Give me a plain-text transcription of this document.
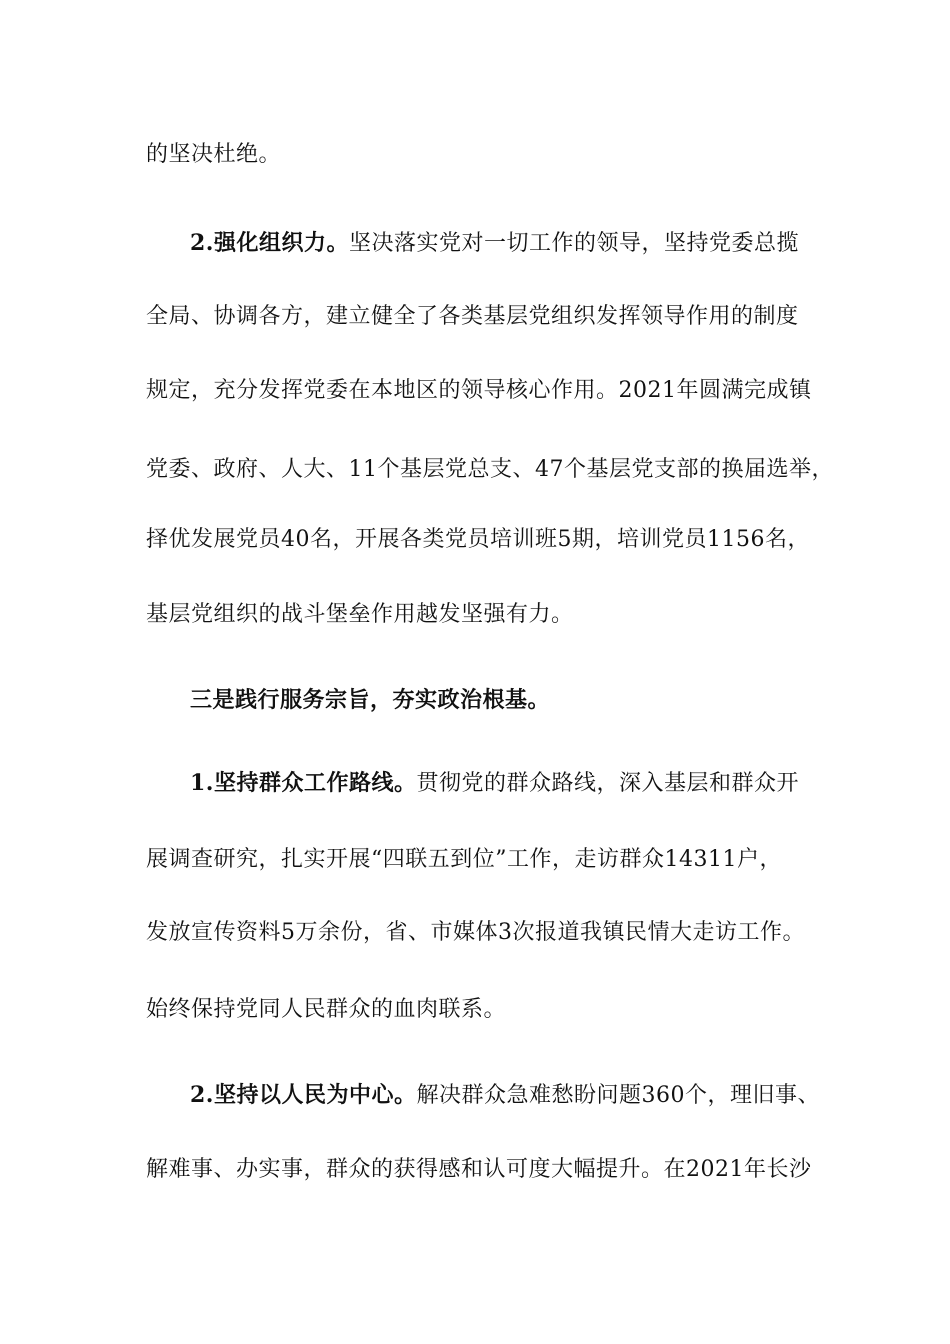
的坚决杜绝。
2.强化组织力。坚决落实党对一切工作的领导，坚持党委总揽
全局、协调各方，建立健全了各类基层党组织发挥领导作用的制度
规定，充分发挥党委在本地区的领导核心作用。2021年圆满完成镇
党委、政府、人大、11个基层党总支、47个基层党支部的换届选举，
择优发展党员40名，开展各类党员培训班5期，培训党员1156名，
基层党组织的战斗堡垒作用越发坚强有力。
三是践行服务宗旨，夯实政治根基。
1.坚持群众工作路线。贯彻党的群众路线，深入基层和群众开
展调查研究，扎实开展“四联五到位”工作，走访群众14311户，
发放宣传资料5万余份，省、市媒体3次报道我镇民情大走访工作。
始终保持党同人民群众的血肉联系。
2.坚持以人民为中心。解决群众急难愁盼问题360个，理旧事、
解难事、办实事，群众的获得感和认可度大幅提升。在2021年长沙
